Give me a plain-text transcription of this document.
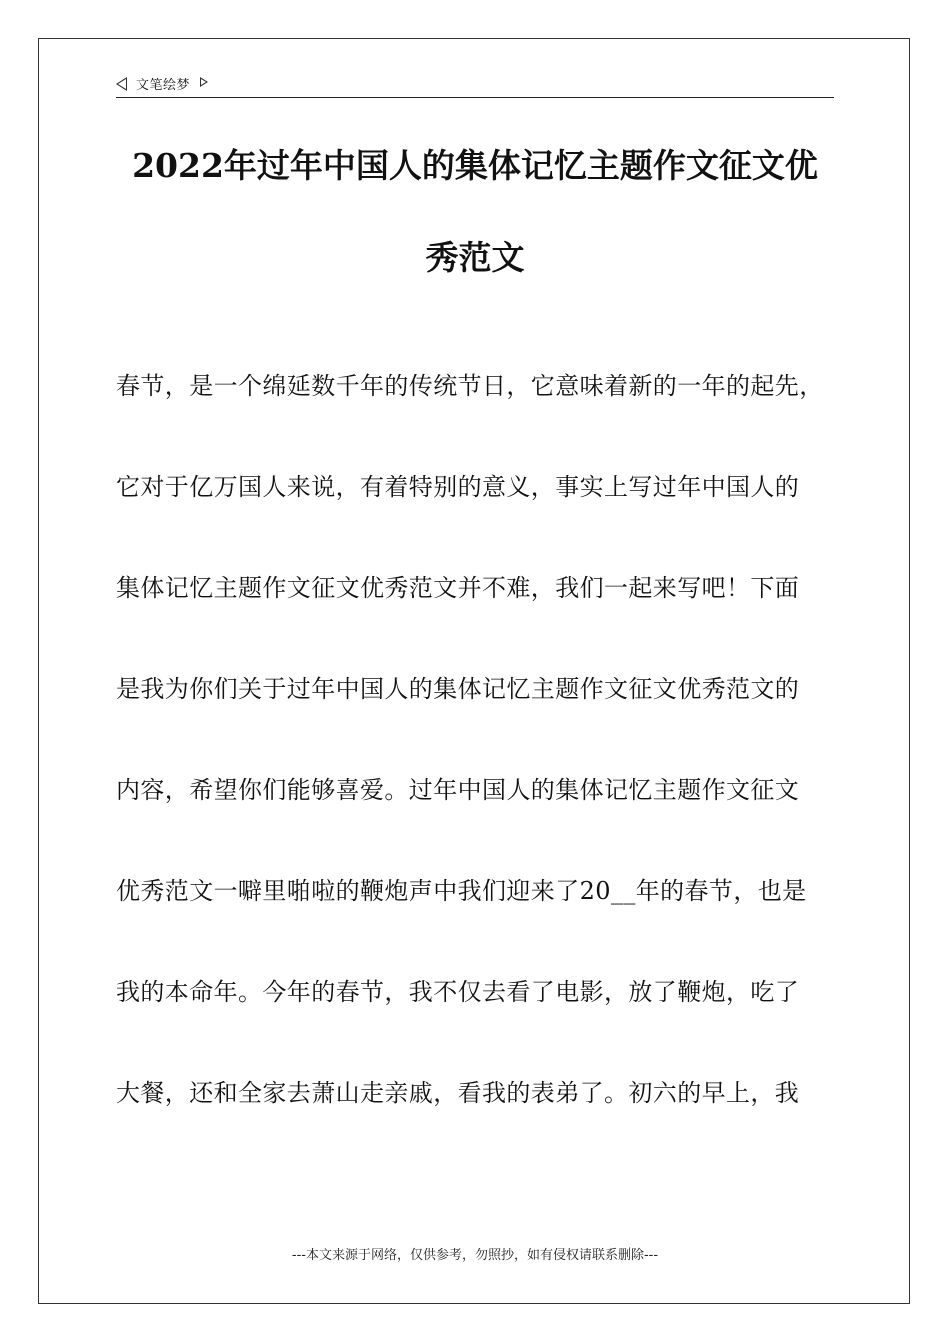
文笔绘梦
2022年过年中国人的集体记忆主题作文征文优
秀范文
春节，是一个绵延数千年的传统节日，它意味着新的一年的起先，
它对于亿万国人来说，有着特别的意义，事实上写过年中国人的
集体记忆主题作文征文优秀范文并不难，我们一起来写吧！下面
是我为你们关于过年中国人的集体记忆主题作文征文优秀范文的
内容，希望你们能够喜爱。过年中国人的集体记忆主题作文征文
优秀范文一噼里啪啦的鞭炮声中我们迎来了20__年的春节，也是
我的本命年。今年的春节，我不仅去看了电影，放了鞭炮，吃了
大餐，还和全家去萧山走亲戚，看我的表弟了。初六的早上，我
---本文来源于网络，仅供参考，勿照抄，如有侵权请联系删除---
